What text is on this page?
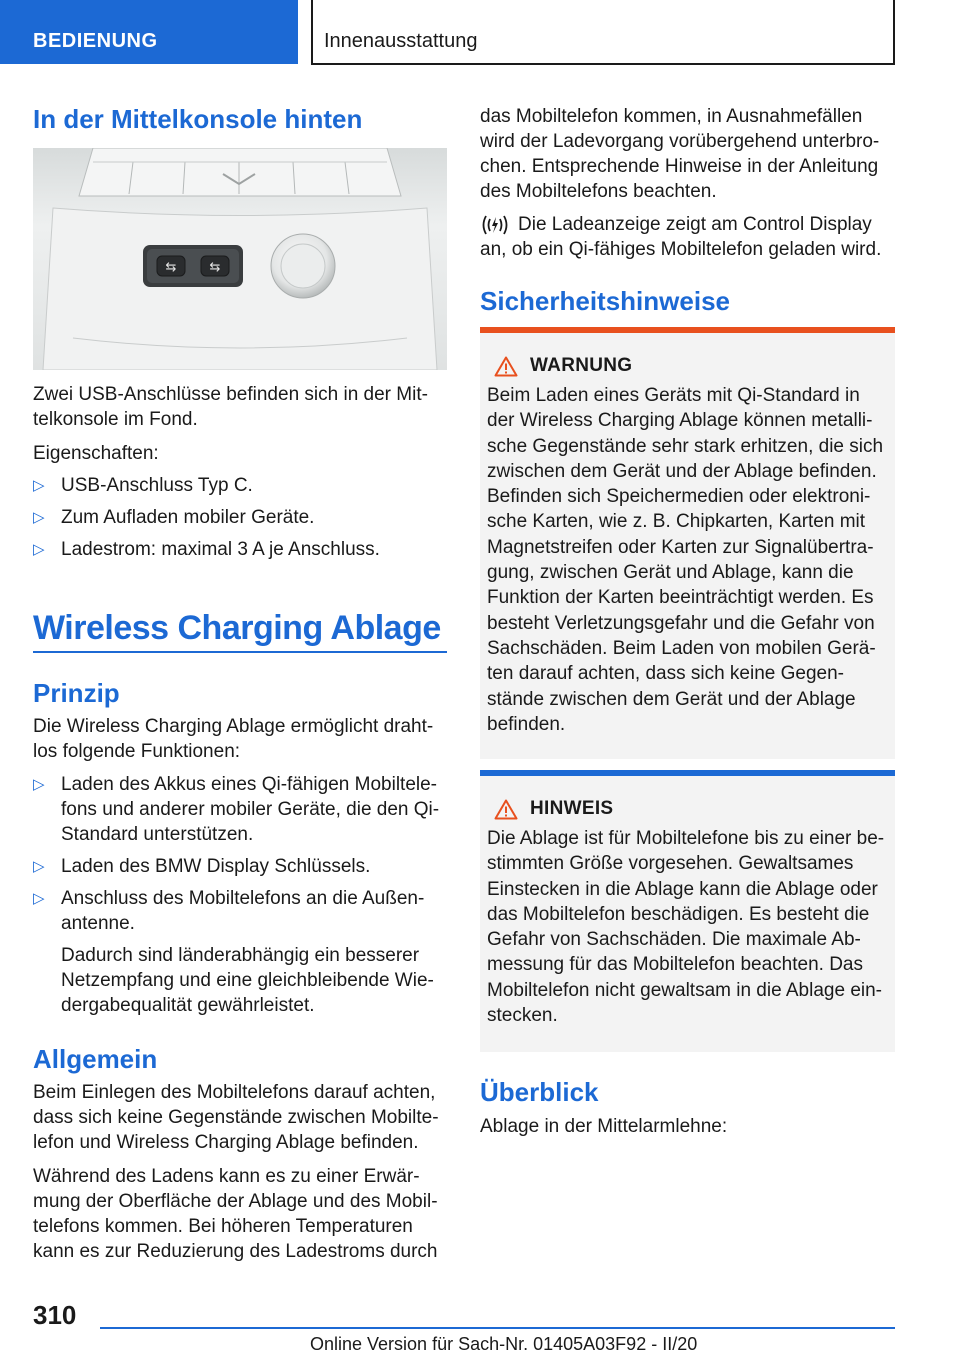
BEDIENUNG	Innenausstattung
In der Mittelkonsole hinten
⇆	⇆
Zwei USB-Anschlüsse befinden sich in der Mit-
telkonsole im Fond.
Eigenschaften:
▷ USB-Anschluss Typ C.
▷ Zum Aufladen mobiler Geräte.
▷ Ladestrom: maximal 3 A je Anschluss.
Wireless Charging Ablage
Prinzip
Die Wireless Charging Ablage ermöglicht draht-
los folgende Funktionen:
▷ Laden des Akkus eines Qi-fähigen Mobiltele-
fons und anderer mobiler Geräte, die den Qi-
Standard unterstützen.
▷ Laden des BMW Display Schlüssels.
▷ Anschluss des Mobiltelefons an die Außen-
antenne.
Dadurch sind länderabhängig ein besserer
Netzempfang und eine gleichbleibende Wie-
dergabequalität gewährleistet.
Allgemein
Beim Einlegen des Mobiltelefons darauf achten,
dass sich keine Gegenstände zwischen Mobilte-
lefon und Wireless Charging Ablage befinden.
Während des Ladens kann es zu einer Erwär-
mung der Oberfläche der Ablage und des Mobil-
telefons kommen. Bei höheren Temperaturen
kann es zur Reduzierung des Ladestroms durch
das Mobiltelefon kommen, in Ausnahmefällen
wird der Ladevorgang vorübergehend unterbro-
chen. Entsprechende Hinweise in der Anleitung
des Mobiltelefons beachten.
Die Ladeanzeige zeigt am Control Display
an, ob ein Qi-fähiges Mobiltelefon geladen wird.
Sicherheitshinweise
WARNUNG
Beim Laden eines Geräts mit Qi-Standard in
der Wireless Charging Ablage können metalli-
sche Gegenstände sehr stark erhitzen, die sich
zwischen dem Gerät und der Ablage befinden.
Befinden sich Speichermedien oder elektroni-
sche Karten, wie z. B. Chipkarten, Karten mit
Magnetstreifen oder Karten zur Signalübertra-
gung, zwischen Gerät und Ablage, kann die
Funktion der Karten beeinträchtigt werden. Es
besteht Verletzungsgefahr und die Gefahr von
Sachschäden. Beim Laden von mobilen Gerä-
ten darauf achten, dass sich keine Gegen-
stände zwischen dem Gerät und der Ablage
befinden.
HINWEIS
Die Ablage ist für Mobiltelefone bis zu einer be-
stimmten Größe vorgesehen. Gewaltsames
Einstecken in die Ablage kann die Ablage oder
das Mobiltelefon beschädigen. Es besteht die
Gefahr von Sachschäden. Die maximale Ab-
messung für das Mobiltelefon beachten. Das
Mobiltelefon nicht gewaltsam in die Ablage ein-
stecken.
Überblick
Ablage in der Mittelarmlehne:
310
Online Version für Sach-Nr. 01405A03F92 - II/20
